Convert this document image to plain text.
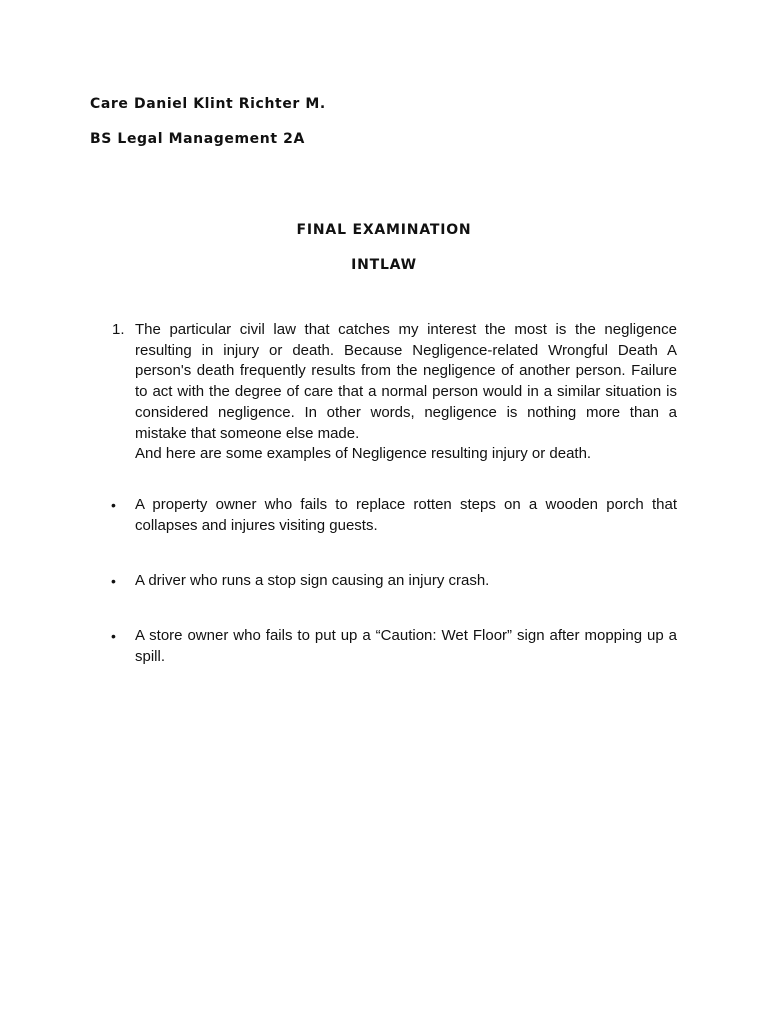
Care Daniel Klint Richter M.
BS Legal Management 2A
FINAL EXAMINATION
INTLAW
1. The particular civil law that catches my interest the most is the negligence resulting in injury or death. Because Negligence-related Wrongful Death A person's death frequently results from the negligence of another person. Failure to act with the degree of care that a normal person would in a similar situation is considered negligence. In other words, negligence is nothing more than a mistake that someone else made.

And here are some examples of Negligence resulting injury or death.

• A property owner who fails to replace rotten steps on a wooden porch that collapses and injures visiting guests.

• A driver who runs a stop sign causing an injury crash.

• A store owner who fails to put up a “Caution: Wet Floor” sign after mopping up a spill.
